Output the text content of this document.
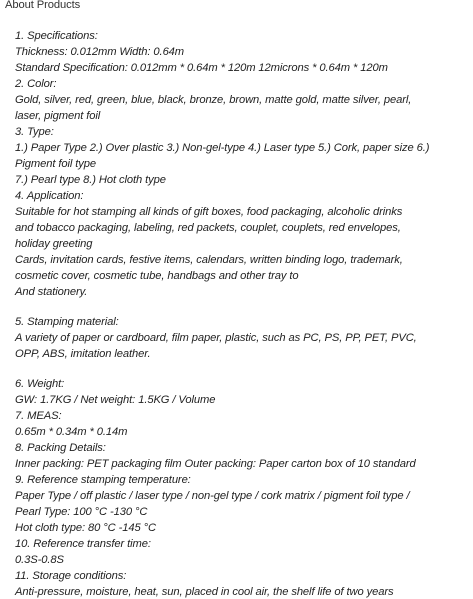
About Products
1. Specifications:
Thickness: 0.012mm Width: 0.64m
Standard Specification: 0.012mm * 0.64m * 120m 12microns * 0.64m * 120m
2. Color:
Gold, silver, red, green, blue, black, bronze, brown, matte gold, matte silver, pearl,
laser, pigment foil
3. Type:
1.) Paper Type 2.) Over plastic 3.) Non-gel-type 4.) Laser type 5.) Cork, paper size 6.)
Pigment foil type
7.) Pearl type 8.) Hot cloth type
4. Application:
Suitable for hot stamping all kinds of gift boxes, food packaging, alcoholic drinks
and tobacco packaging, labeling, red packets, couplet, couplets, red envelopes,
holiday greeting
Cards, invitation cards, festive items, calendars, written binding logo, trademark,
cosmetic cover, cosmetic tube, handbags and other tray to
And stationery.
5. Stamping material:
A variety of paper or cardboard, film paper, plastic, such as PC, PS, PP, PET, PVC,
OPP, ABS, imitation leather.
6. Weight:
GW: 1.7KG / Net weight: 1.5KG / Volume
7. MEAS:
0.65m * 0.34m * 0.14m
8. Packing Details:
Inner packing: PET packaging film Outer packing: Paper carton box of 10 standard
9. Reference stamping temperature:
Paper Type / off plastic / laser type / non-gel type / cork matrix / pigment foil type /
Pearl Type: 100 °C -130 °C
Hot cloth type: 80 °C -145 °C
10. Reference transfer time:
0.3S-0.8S
11. Storage conditions:
Anti-pressure, moisture, heat, sun, placed in cool air, the shelf life of two years
